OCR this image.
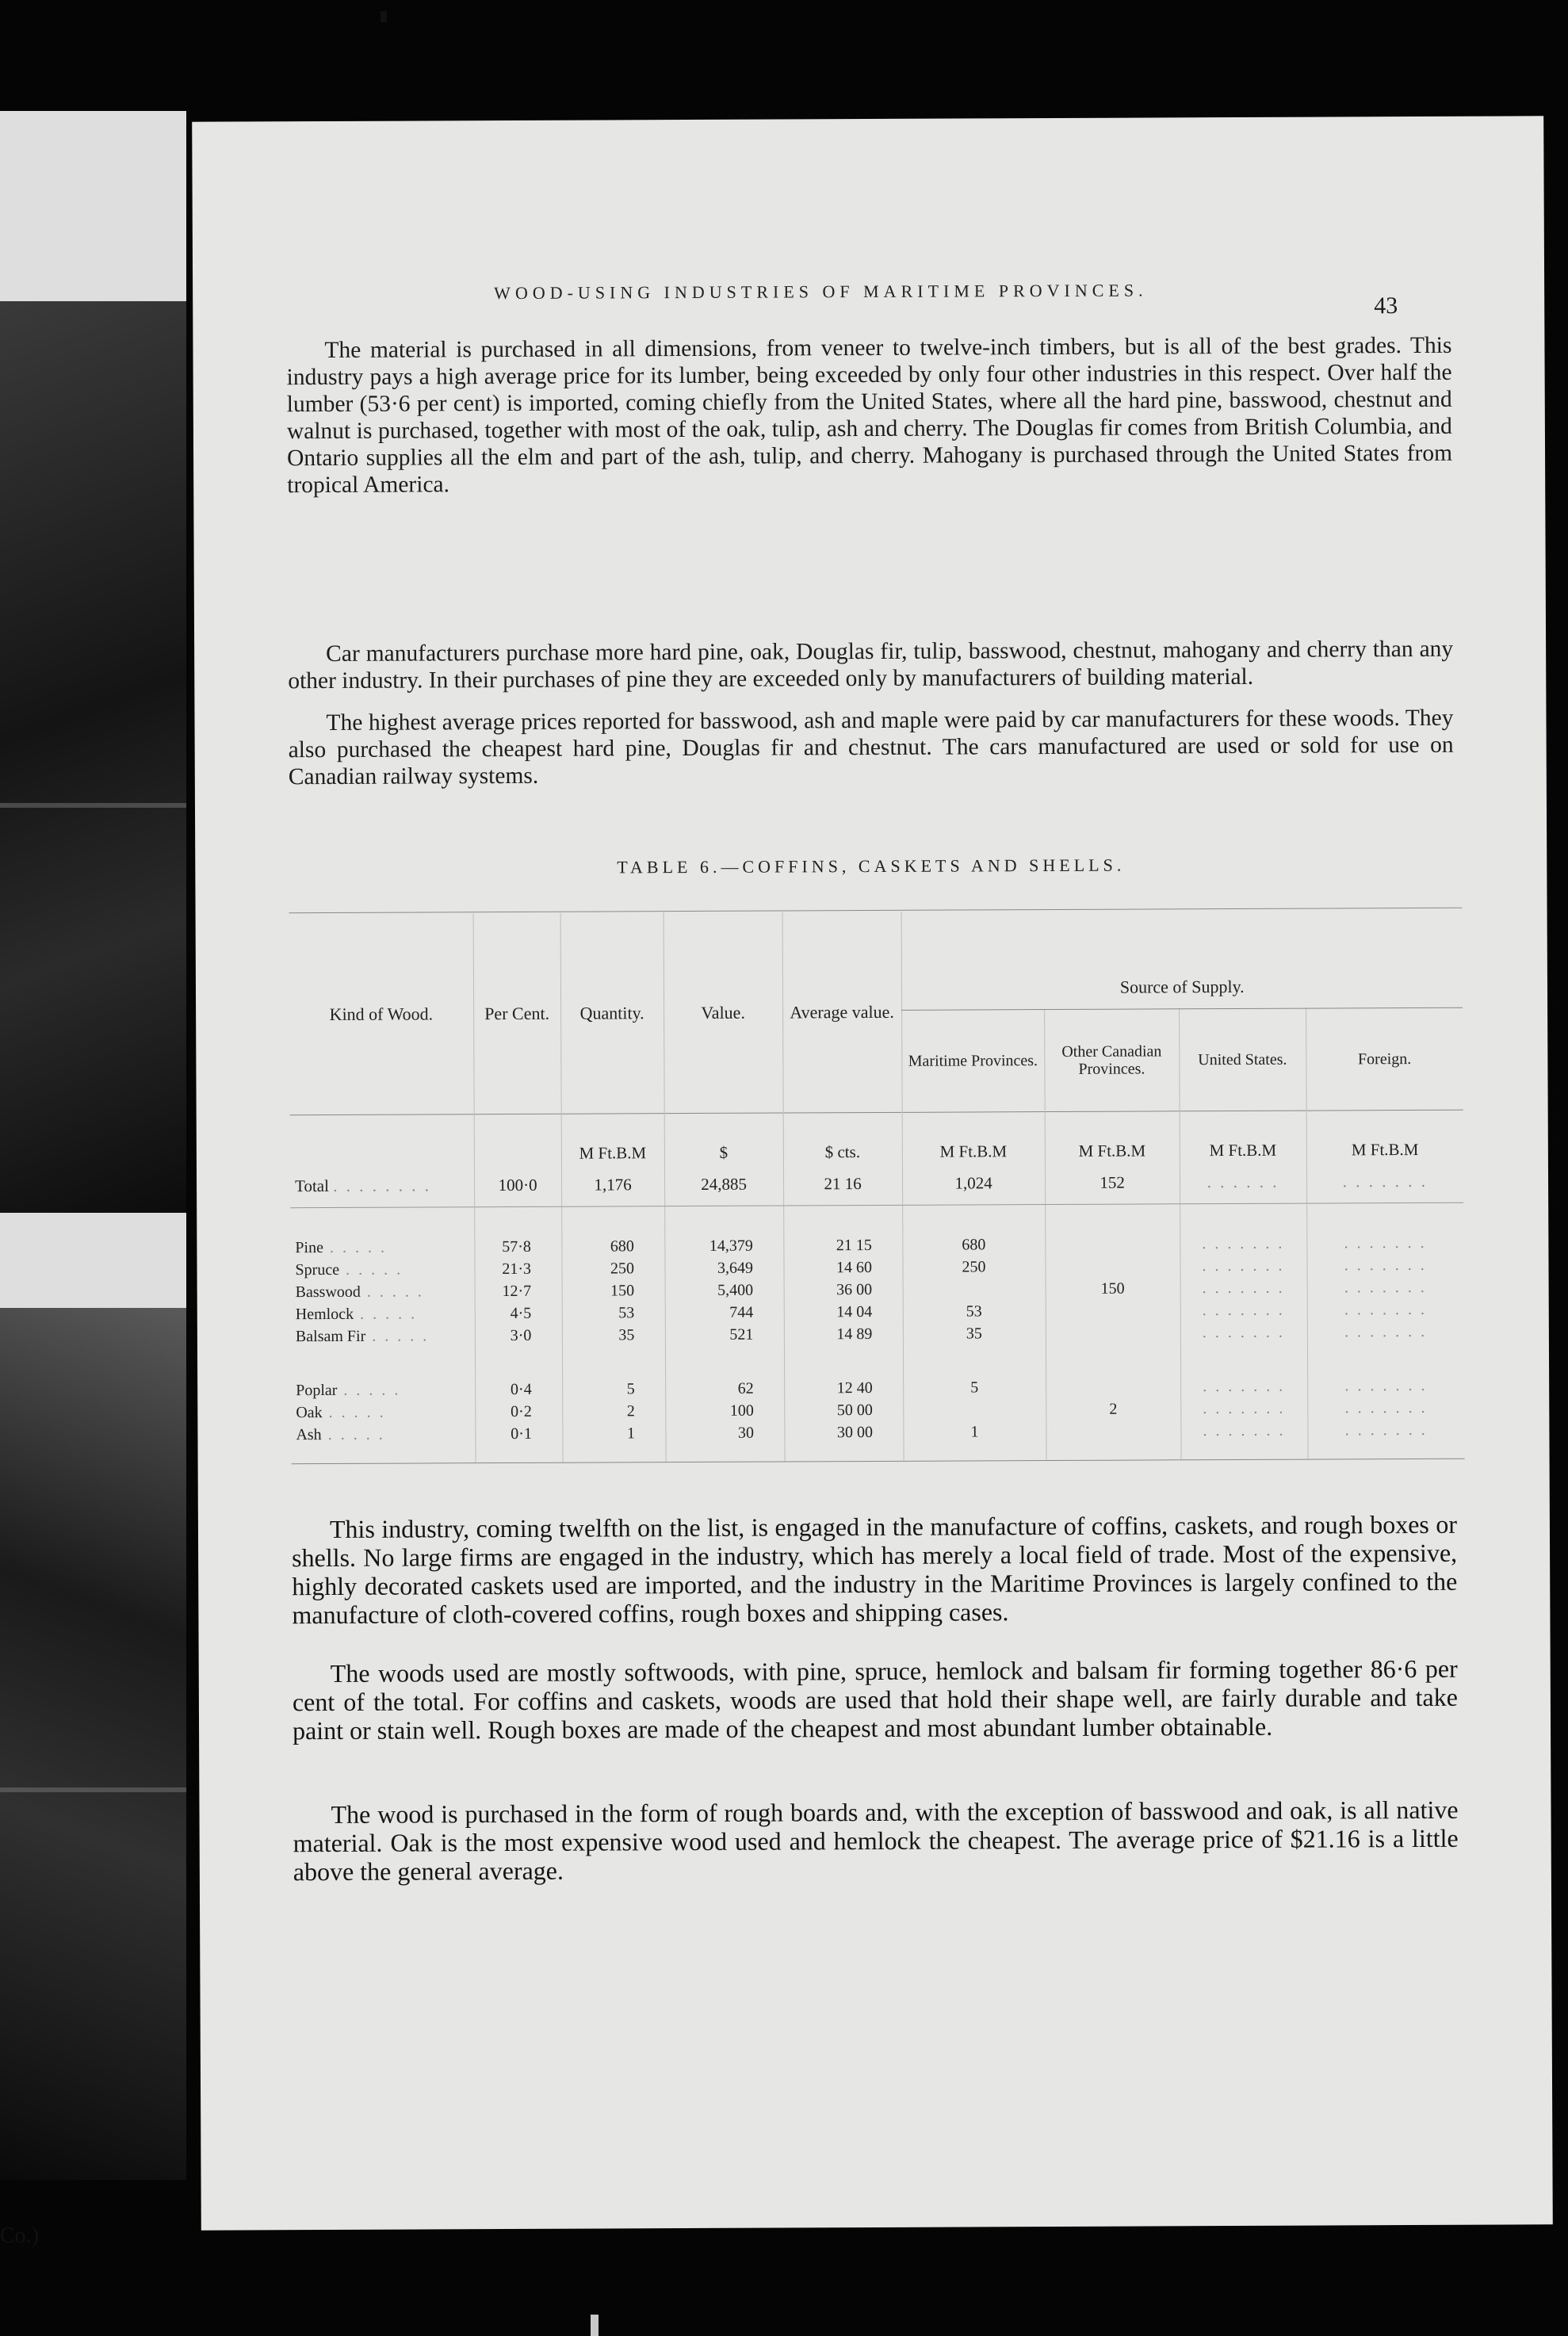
Co.)
WOOD-USING INDUSTRIES OF MARITIME PROVINCES.
43
The material is purchased in all dimensions, from veneer to twelve-inch timbers, but is all of the best grades. This industry pays a high average price for its lumber, being exceeded by only four other industries in this respect. Over half the lumber (53·6 per cent) is imported, coming chiefly from the United States, where all the hard pine, basswood, chestnut and walnut is purchased, together with most of the oak, tulip, ash and cherry. The Douglas fir comes from British Columbia, and Ontario supplies all the elm and part of the ash, tulip, and cherry. Mahogany is purchased through the United States from tropical America.
Car manufacturers purchase more hard pine, oak, Douglas fir, tulip, basswood, chestnut, mahogany and cherry than any other industry. In their purchases of pine they are exceeded only by manufacturers of building material.
The highest average prices reported for basswood, ash and maple were paid by car manufacturers for these woods. They also purchased the cheapest hard pine, Douglas fir and chestnut. The cars manufactured are used or sold for use on Canadian railway systems.
TABLE 6.—COFFINS, CASKETS AND SHELLS.
Kind of Wood.	Per Cent.	Quantity.	Value.	Average value.	Source of Supply.			
					Maritime Provinces.	Other Canadian Provinces.	United States.	Foreign.
		M Ft.B.M	$	$ cts.	M Ft.B.M	M Ft.B.M	M Ft.B.M	M Ft.B.M
Total . . . . . . . .	100·0	1,176	24,885	21 16	1,024	152	. . . . . .	. . . . . . .

Pine . . . . .	57·8	680	14,379	21 15	680		. . . . . . .	. . . . . . .
Spruce . . . . .	21·3	250	3,649	14 60	250		. . . . . . .	. . . . . . .
Basswood . . . . .	12·7	150	5,400	36 00		150	. . . . . . .	. . . . . . .
Hemlock . . . . .	4·5	53	744	14 04	53		. . . . . . .	. . . . . . .
Balsam Fir . . . . .	3·0	35	521	14 89	35		. . . . . . .	. . . . . . .

Poplar . . . . .	0·4	5	62	12 40	5		. . . . . . .	. . . . . . .
Oak . . . . .	0·2	2	100	50 00		2	. . . . . . .	. . . . . . .
Ash . . . . .	0·1	1	30	30 00	1		. . . . . . .	. . . . . . .

This industry, coming twelfth on the list, is engaged in the manufacture of coffins, caskets, and rough boxes or shells. No large firms are engaged in the industry, which has merely a local field of trade. Most of the expensive, highly decorated caskets used are imported, and the industry in the Maritime Provinces is largely confined to the manufacture of cloth-covered coffins, rough boxes and shipping cases.
The woods used are mostly softwoods, with pine, spruce, hemlock and balsam fir forming together 86·6 per cent of the total. For coffins and caskets, woods are used that hold their shape well, are fairly durable and take paint or stain well. Rough boxes are made of the cheapest and most abundant lumber obtainable.
The wood is purchased in the form of rough boards and, with the exception of basswood and oak, is all native material. Oak is the most expensive wood used and hemlock the cheapest. The average price of $21.16 is a little above the general average.
